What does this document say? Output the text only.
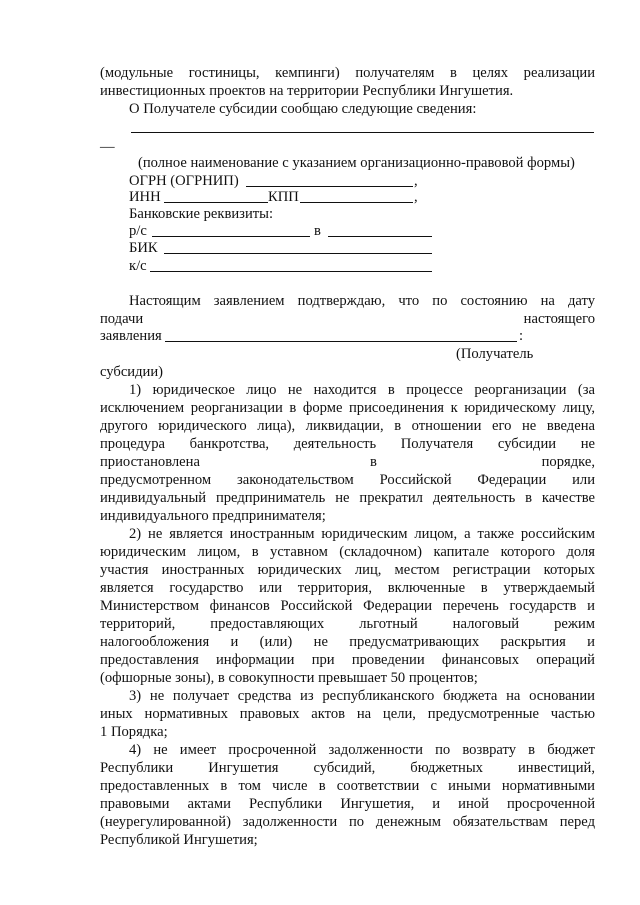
(модульные гостиницы, кемпинги) получателям в целях реализации
инвестиционных проектов на территории Республики Ингушетия.
О Получателе субсидии сообщаю следующие сведения:
—
(полное наименование с указанием организационно-правовой формы)
ОГРН (ОГРНИП)	,
ИНН	КПП	,
Банковские реквизиты:
р/с	в
БИК
к/с
Настоящим заявлением подтверждаю, что по состоянию на дату
подачи	настоящего
заявления	:
(Получатель
субсидии)
1) юридическое лицо не находится в процессе реорганизации (за
исключением реорганизации в форме присоединения к юридическому лицу,
другого юридического лица), ликвидации, в отношении его не введена
процедура банкротства, деятельность Получателя субсидии не
приостановлена	в	порядке,
предусмотренном законодательством Российской Федерации или
индивидуальный предприниматель не прекратил деятельность в качестве
индивидуального предпринимателя;
2) не является иностранным юридическим лицом, а также российским
юридическим лицом, в уставном (складочном) капитале которого доля
участия иностранных юридических лиц, местом регистрации которых
является государство или территория, включенные в утверждаемый
Министерством финансов Российской Федерации перечень государств и
территорий, предоставляющих льготный налоговый режим
налогообложения и (или) не предусматривающих раскрытия и
предоставления информации при проведении финансовых операций
(офшорные зоны), в совокупности превышает 50 процентов;
3) не получает средства из республиканского бюджета на основании
иных нормативных правовых актов на цели, предусмотренные частью
1 Порядка;
4) не имеет просроченной задолженности по возврату в бюджет
Республики Ингушетия субсидий, бюджетных инвестиций,
предоставленных в том числе в соответствии с иными нормативными
правовыми актами Республики Ингушетия, и иной просроченной
(неурегулированной) задолженности по денежным обязательствам перед
Республикой Ингушетия;
